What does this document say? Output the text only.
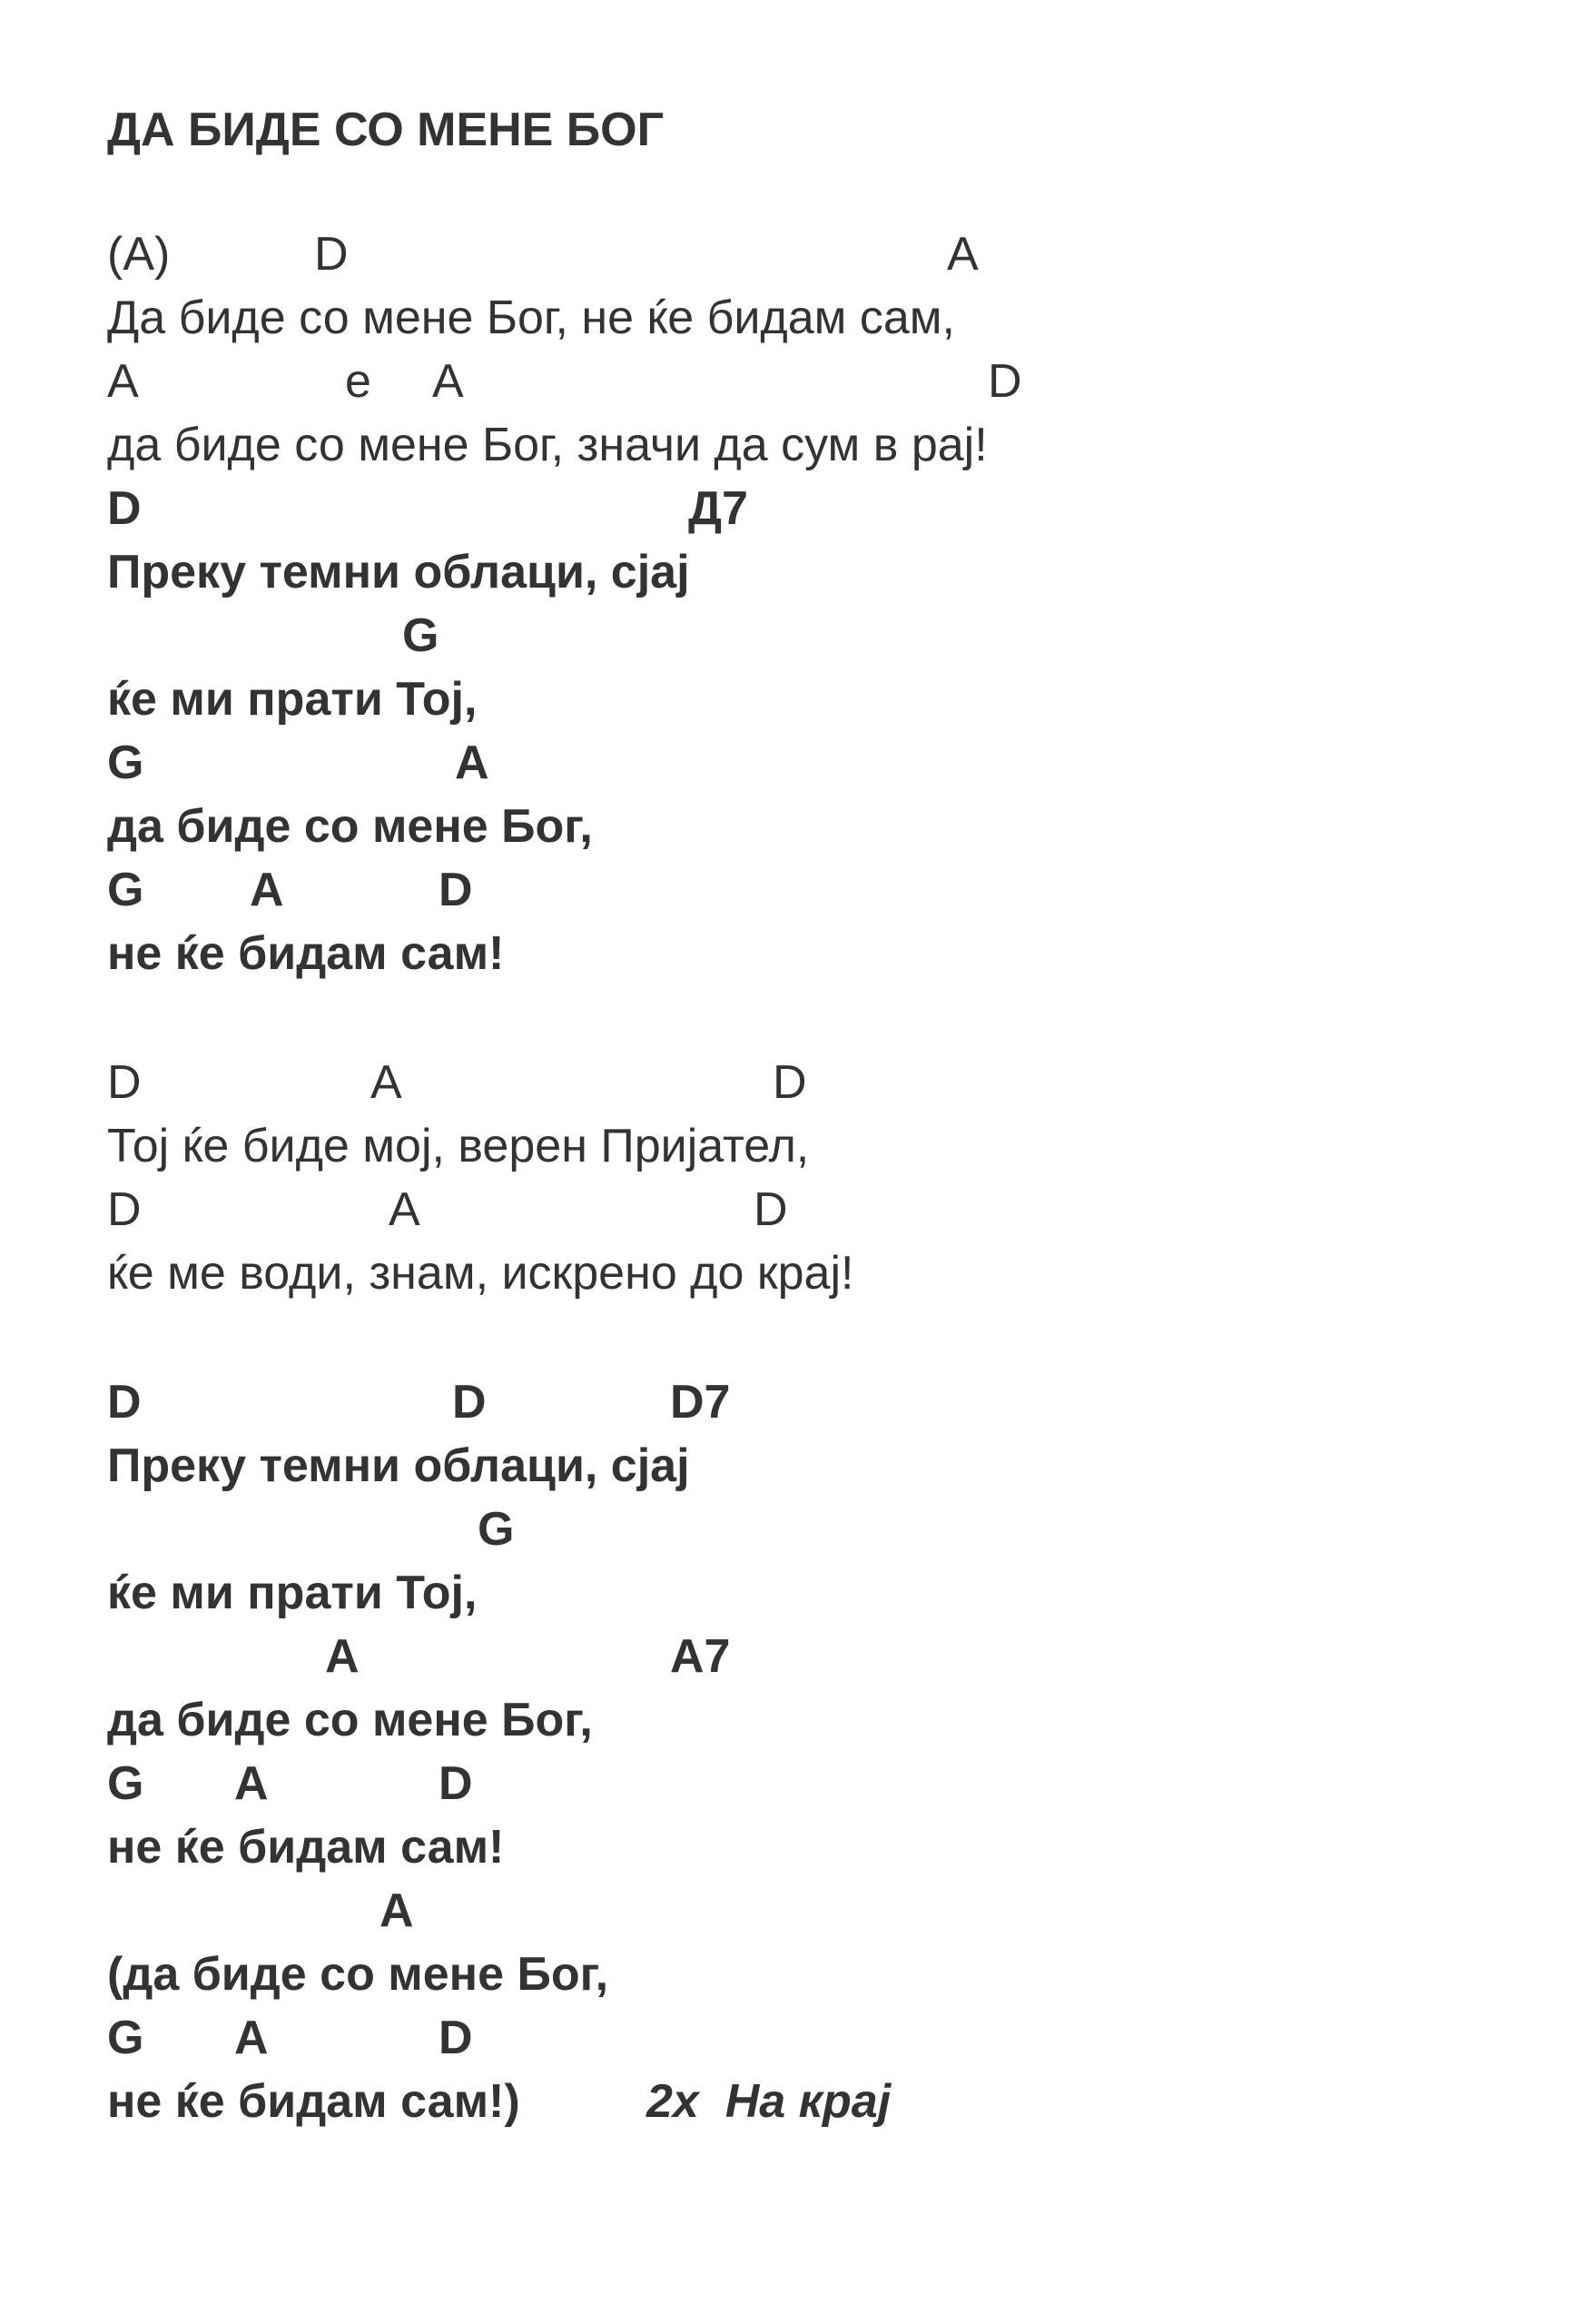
ДА БИДЕ СО МЕНЕ БОГ

(A)

	D

	A

Да биде со мене Бог, не ќе бидам сам,

A

	e

A

	D

да биде со мене Бог, значи да сум в рај!

D

	Д7

Преку темни облаци, сјај

G

ќе ми прати Тој,

G

	A

да биде со мене Бог,

G

A

	D

не ќе бидам сам!

D

	A

	D

Тој ќе биде мој, верен Пријател,

D

	A

	D

ќе ме води, знам, искрено до крај!

D

	D

	D7

Преку темни облаци, сјај

G

ќе ми прати Тој,

A

	A7

да биде со мене Бог,

G

A

	D

не ќе бидам сам!

A

(да биде со мене Бог,

G

A

	D

не ќе бидам сам!)	2x  На крај
